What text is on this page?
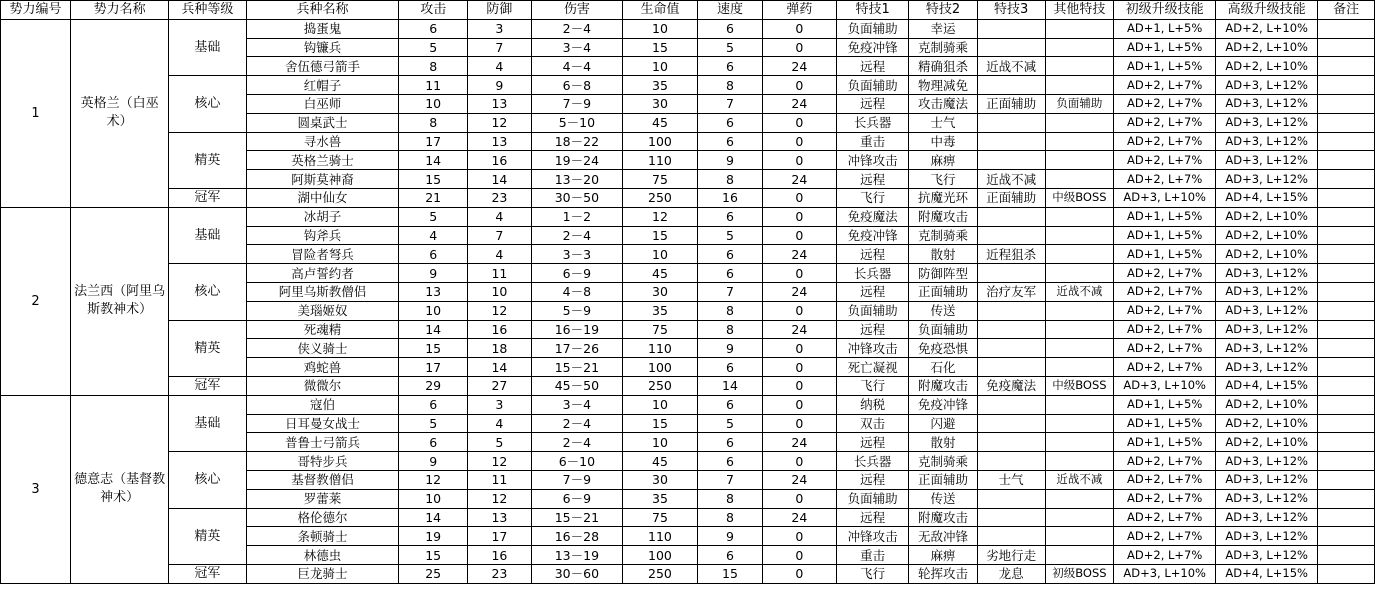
势力编号	势力名称	兵种等级	兵种名称	攻击	防御	伤害	生命值	速度	弹药	特技1	特技2	特技3	其他特技	初级升级技能	高级升级技能	备注
1	英格兰（白巫术）	基础	捣蛋鬼	6	3	2－4	10	6	0	负面辅助	幸运			AD+1, L+5%	AD+2, L+10%	
			钩镰兵	5	7	3－4	15	5	0	免疫冲锋	克制骑乘			AD+1, L+5%	AD+2, L+10%	
			舍伍德弓箭手	8	4	4－4	10	6	24	远程	精确狙杀	近战不减		AD+1, L+5%	AD+2, L+10%	
		核心	红帽子	11	9	6－8	35	8	0	负面辅助	物理减免			AD+2, L+7%	AD+3, L+12%	
			白巫师	10	13	7－9	30	7	24	远程	攻击魔法	正面辅助	负面辅助	AD+2, L+7%	AD+3, L+12%	
			圆桌武士	8	12	5－10	45	6	0	长兵器	士气			AD+2, L+7%	AD+3, L+12%	
		精英	寻水兽	17	13	18－22	100	6	0	重击	中毒			AD+2, L+7%	AD+3, L+12%	
			英格兰骑士	14	16	19－24	110	9	0	冲锋攻击	麻痹			AD+2, L+7%	AD+3, L+12%	
			阿斯莫神裔	15	14	13－20	75	8	24	远程	飞行	近战不减		AD+2, L+7%	AD+3, L+12%	
		冠军	湖中仙女	21	23	30－50	250	16	0	飞行	抗魔光环	正面辅助	中级BOSS	AD+3, L+10%	AD+4, L+15%	
2	法兰西（阿里乌斯教神术）	基础	冰胡子	5	4	1－2	12	6	0	免疫魔法	附魔攻击			AD+1, L+5%	AD+2, L+10%	
			钩斧兵	4	7	2－4	15	5	0	免疫冲锋	克制骑乘			AD+1, L+5%	AD+2, L+10%	
			冒险者弩兵	6	4	3－3	10	6	24	远程	散射	近程狙杀		AD+1, L+5%	AD+2, L+10%	
		核心	高卢誓约者	9	11	6－9	45	6	0	长兵器	防御阵型			AD+2, L+7%	AD+3, L+12%	
			阿里乌斯教僧侣	13	10	4－8	30	7	24	远程	正面辅助	治疗友军	近战不减	AD+2, L+7%	AD+3, L+12%	
			美瑙姬奴	10	12	5－9	35	8	0	负面辅助	传送			AD+2, L+7%	AD+3, L+12%	
		精英	死魂精	14	16	16－19	75	8	24	远程	负面辅助			AD+2, L+7%	AD+3, L+12%	
			侠义骑士	15	18	17－26	110	9	0	冲锋攻击	免疫恐惧			AD+2, L+7%	AD+3, L+12%	
			鸡蛇兽	17	14	15－21	100	6	0	死亡凝视	石化			AD+2, L+7%	AD+3, L+12%	
		冠军	微微尔	29	27	45－50	250	14	0	飞行	附魔攻击	免疫魔法	中级BOSS	AD+3, L+10%	AD+4, L+15%	
3	德意志（基督教神术）	基础	寇伯	6	3	3－4	10	6	0	纳税	免疫冲锋			AD+1, L+5%	AD+2, L+10%	
			日耳曼女战士	5	4	2－4	15	5	0	双击	闪避			AD+1, L+5%	AD+2, L+10%	
			普鲁士弓箭兵	6	5	2－4	10	6	24	远程	散射			AD+1, L+5%	AD+2, L+10%	
		核心	哥特步兵	9	12	6－10	45	6	0	长兵器	克制骑乘			AD+2, L+7%	AD+3, L+12%	
			基督教僧侣	12	11	7－9	30	7	24	远程	正面辅助	士气	近战不减	AD+2, L+7%	AD+3, L+12%	
			罗蕾莱	10	12	6－9	35	8	0	负面辅助	传送			AD+2, L+7%	AD+3, L+12%	
		精英	格伦德尔	14	13	15－21	75	8	24	远程	附魔攻击			AD+2, L+7%	AD+3, L+12%	
			条顿骑士	19	17	16－28	110	9	0	冲锋攻击	无敌冲锋			AD+2, L+7%	AD+3, L+12%	
			林德虫	15	16	13－19	100	6	0	重击	麻痹	劣地行走		AD+2, L+7%	AD+3, L+12%	
		冠军	巨龙骑士	25	23	30－60	250	15	0	飞行	轮挥攻击	龙息	初级BOSS	AD+3, L+10%	AD+4, L+15%	
